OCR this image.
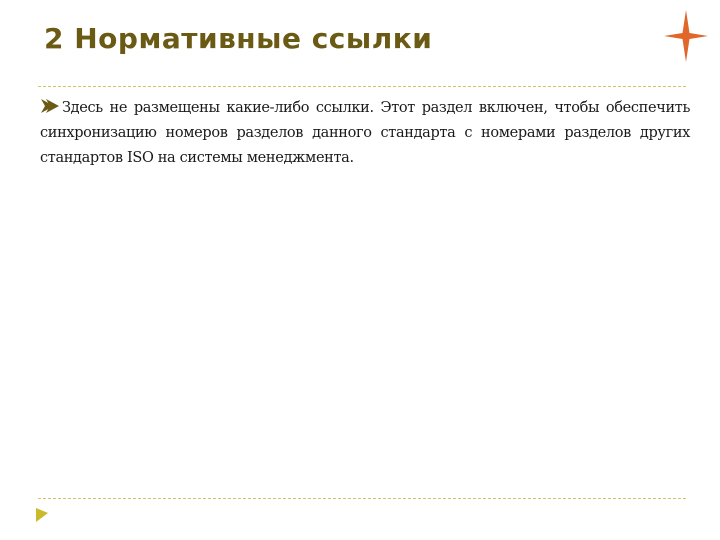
2 Нормативные ссылки
Здесь не размещены какие-либо ссылки. Этот раздел включен, чтобы обеспечить синхронизацию номеров разделов данного стандарта с номерами разделов других стандартов ISO на системы менеджмента.
